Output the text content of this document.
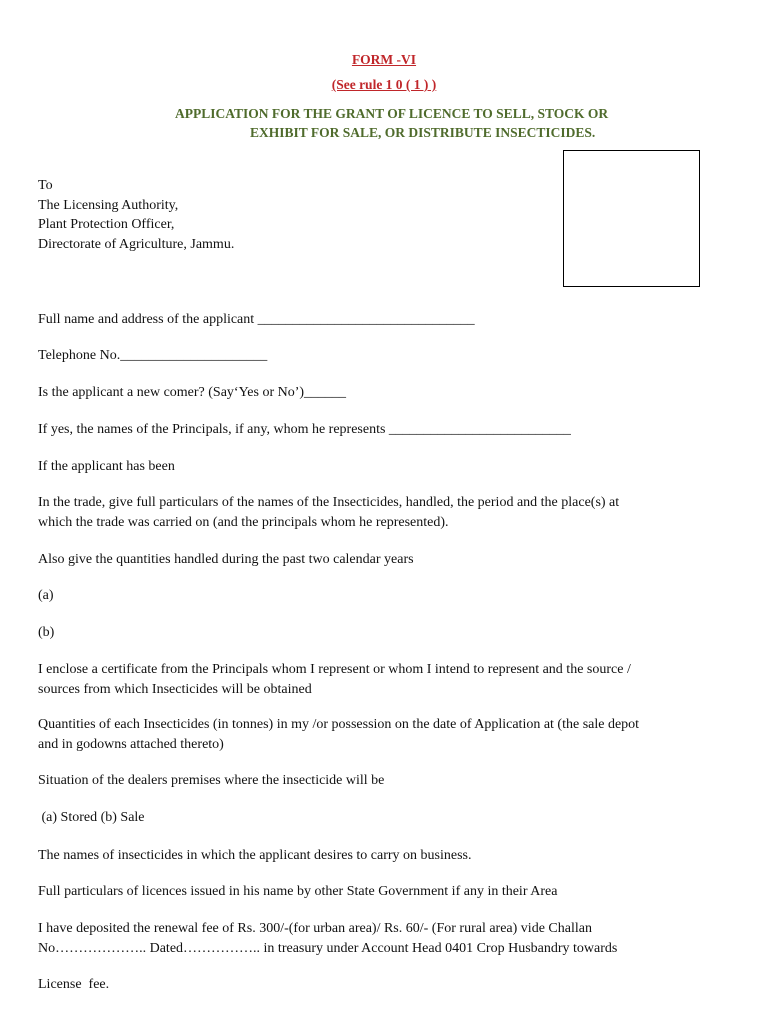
FORM -VI
(See rule 1 0 ( 1 ) )
APPLICATION FOR THE GRANT OF LICENCE TO SELL, STOCK OR
EXHIBIT FOR SALE, OR DISTRIBUTE INSECTICIDES.
To
The Licensing Authority,
Plant Protection Officer,
Directorate of Agriculture, Jammu.
Full name and address of the applicant _______________________________
Telephone No._____________________
Is the applicant a new comer? (Say‘Yes or No’)______
If yes, the names of the Principals, if any, whom he represents __________________________
If the applicant has been
In the trade, give full particulars of the names of the Insecticides, handled, the period and the place(s) at
which the trade was carried on (and the principals whom he represented).
Also give the quantities handled during the past two calendar years
(a)
(b)
I enclose a certificate from the Principals whom I represent or whom I intend to represent and the source /
sources from which Insecticides will be obtained
Quantities of each Insecticides (in tonnes) in my /or possession on the date of Application at (the sale depot
and in godowns attached thereto)
Situation of the dealers premises where the insecticide will be
(a) Stored (b) Sale
The names of insecticides in which the applicant desires to carry on business.
Full particulars of licences issued in his name by other State Government if any in their Area
I have deposited the renewal fee of Rs. 300/-(for urban area)/ Rs. 60/- (For rural area) vide Challan
No……………….. Dated…………….. in treasury under Account Head 0401 Crop Husbandry towards
License  fee.
